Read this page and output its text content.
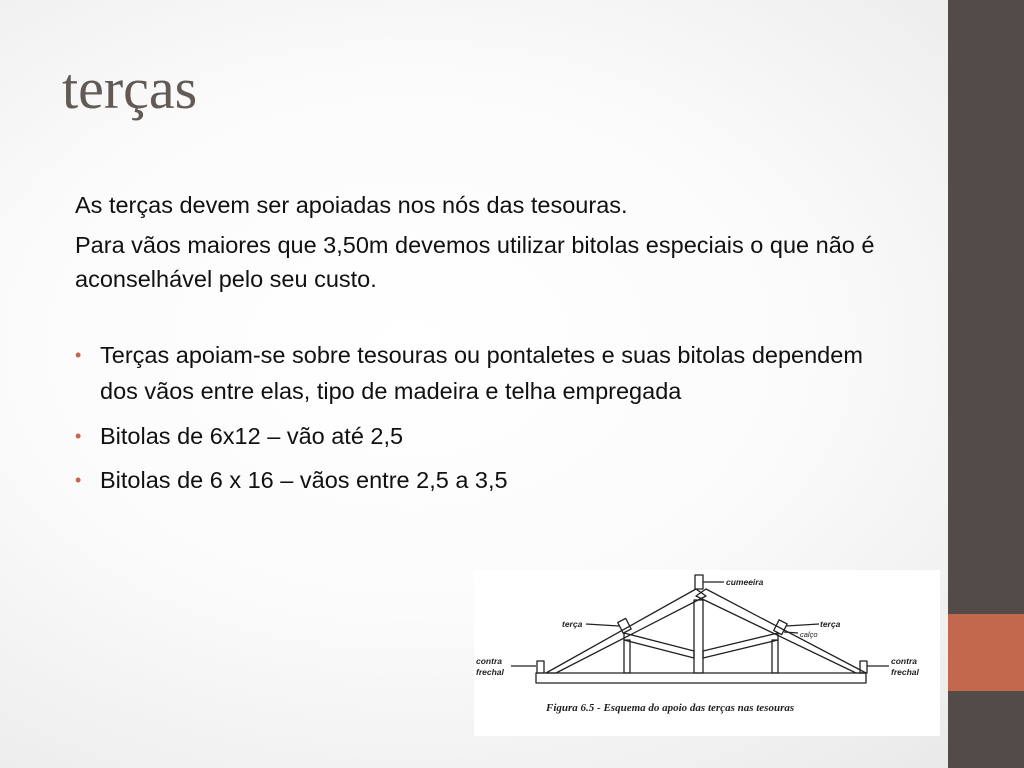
terças

As terças devem ser apoiadas nos nós das tesouras.

Para vãos maiores que 3,50m devemos utilizar bitolas especiais o que não é aconselhável pelo seu custo.

• Terças apoiam-se sobre tesouras ou pontaletes e suas bitolas dependem dos vãos entre elas, tipo de madeira e telha empregada
• Bitolas de 6x12 – vão até 2,5
• Bitolas de 6 x 16 – vãos entre 2,5 a 3,5
cumeeira
terça	terça
calço
contra
frechal
contra
frechal
Figura 6.5 - Esquema do apoio das terças nas tesouras
